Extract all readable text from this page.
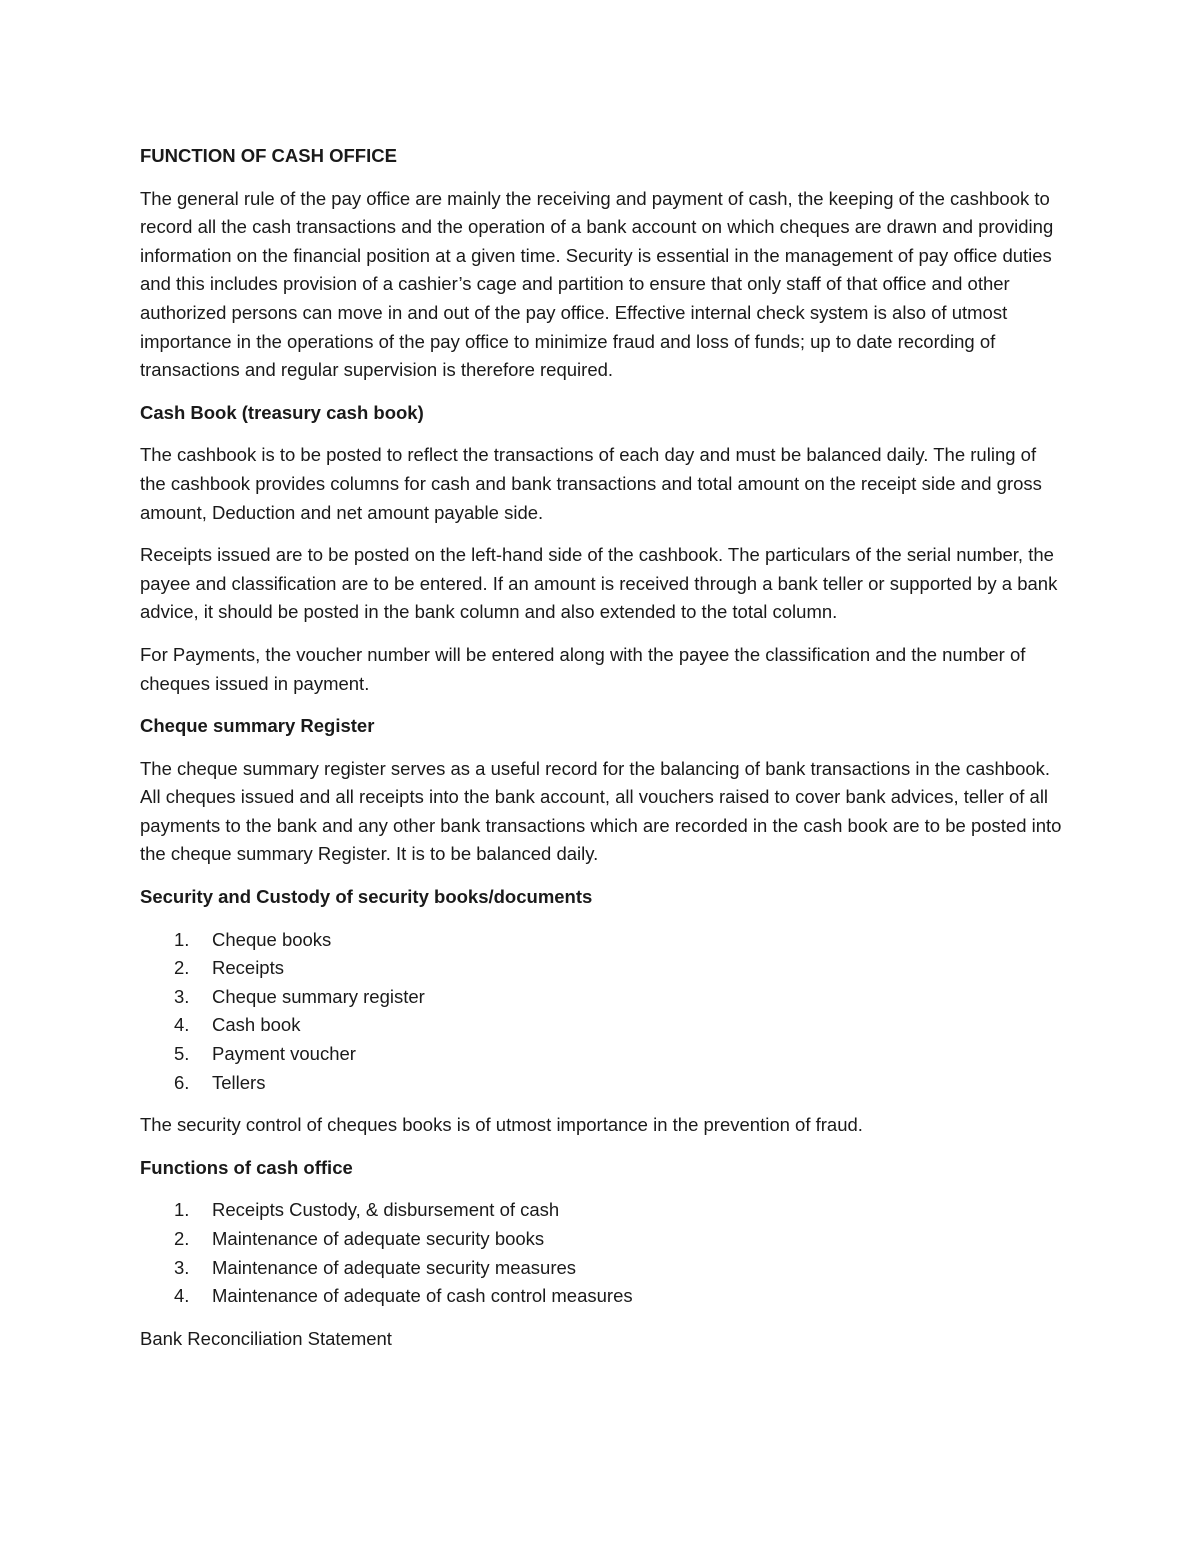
FUNCTION OF CASH OFFICE

The general rule of the pay office are mainly the receiving and payment of cash, the keeping of the cashbook to record all the cash transactions and the operation of a bank account on which cheques are drawn and providing information on the financial position at a given time. Security is essential in the management of pay office duties and this includes provision of a cashier’s cage and partition to ensure that only staff of that office and other authorized persons can move in and out of the pay office. Effective internal check system is also of utmost importance in the operations of the pay office to minimize fraud and loss of funds; up to date recording of transactions and regular supervision is therefore required.

Cash Book (treasury cash book)

The cashbook is to be posted to reflect the transactions of each day and must be balanced daily. The ruling of the cashbook provides columns for cash and bank transactions and total amount on the receipt side and gross amount, Deduction and net amount payable side.

Receipts issued are to be posted on the left-hand side of the cashbook. The particulars of the serial number, the payee and classification are to be entered. If an amount is received through a bank teller or supported by a bank advice, it should be posted in the bank column and also extended to the total column.

For Payments, the voucher number will be entered along with the payee the classification and the number of cheques issued in payment.

Cheque summary Register

The cheque summary register serves as a useful record for the balancing of bank transactions in the cashbook. All cheques issued and all receipts into the bank account, all vouchers raised to cover bank advices, teller of all payments to the bank and any other bank transactions which are recorded in the cash book are to be posted into the cheque summary Register. It is to be balanced daily.

Security and Custody of security books/documents
1.	Cheque books
2.	Receipts
3.	Cheque summary register
4.	Cash book
5.	Payment voucher
6.	Tellers

The security control of cheques books is of utmost importance in the prevention of fraud.

Functions of cash office
1.	Receipts Custody, & disbursement of cash
2.	Maintenance of adequate security books
3.	Maintenance of adequate security measures
4.	Maintenance of adequate of cash control measures

Bank Reconciliation Statement
